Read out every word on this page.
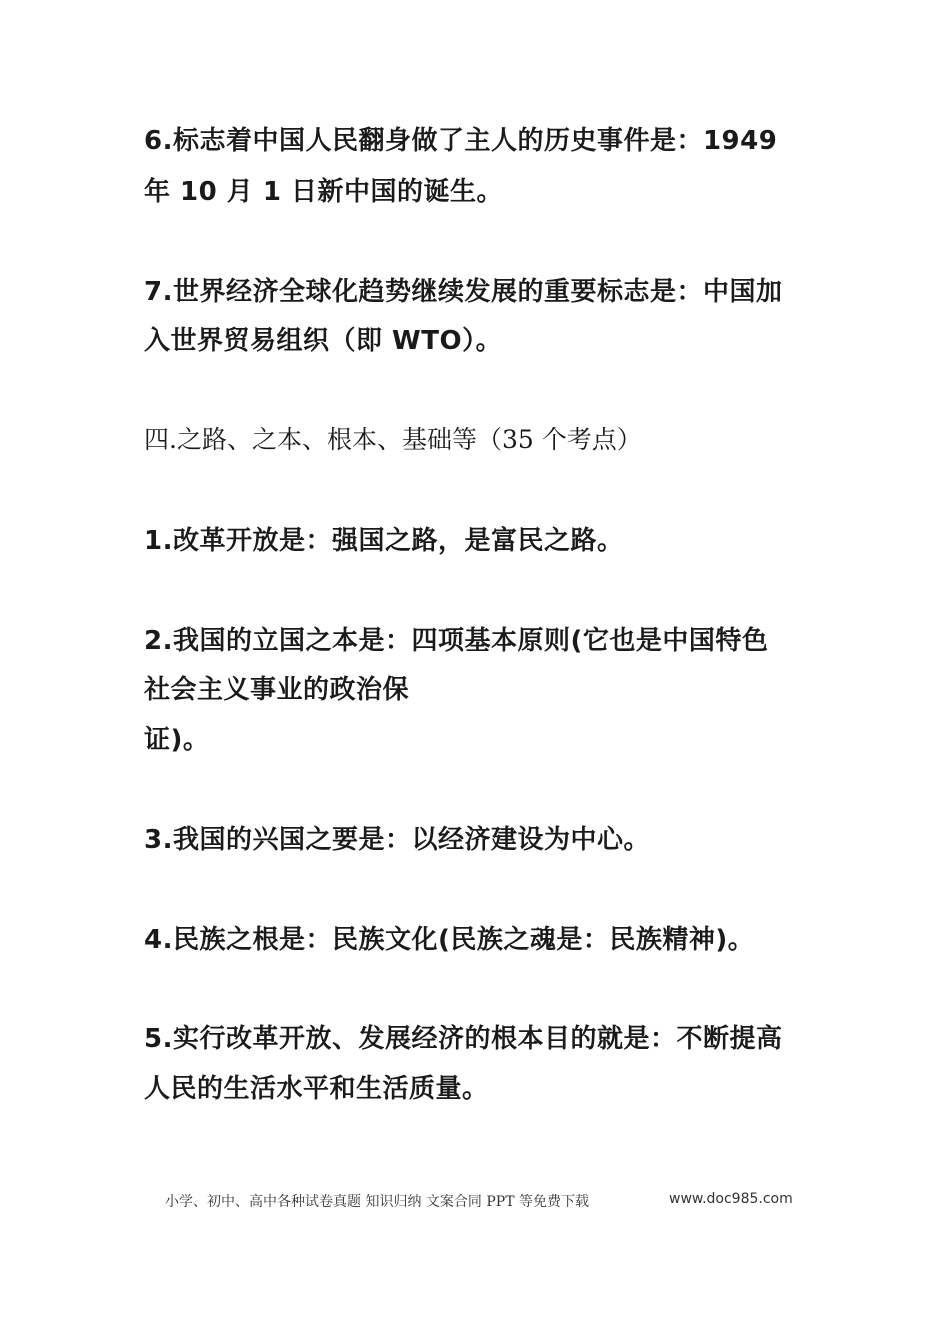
6.标志着中国人民翻身做了主人的历史事件是：1949
年 10 月 1 日新中国的诞生。
7.世界经济全球化趋势继续发展的重要标志是：中国加
入世界贸易组织（即 WTO）。
四.之路、之本、根本、基础等（35 个考点）
1.改革开放是：强国之路，是富民之路。
2.我国的立国之本是：四项基本原则(它也是中国特色
社会主义事业的政治保
证)。
3.我国的兴国之要是：以经济建设为中心。
4.民族之根是：民族文化(民族之魂是：民族精神)。
5.实行改革开放、发展经济的根本目的就是：不断提高
人民的生活水平和生活质量。
小学、初中、高中各种试卷真题 知识归纳 文案合同 PPT 等免费下载	www.doc985.com
